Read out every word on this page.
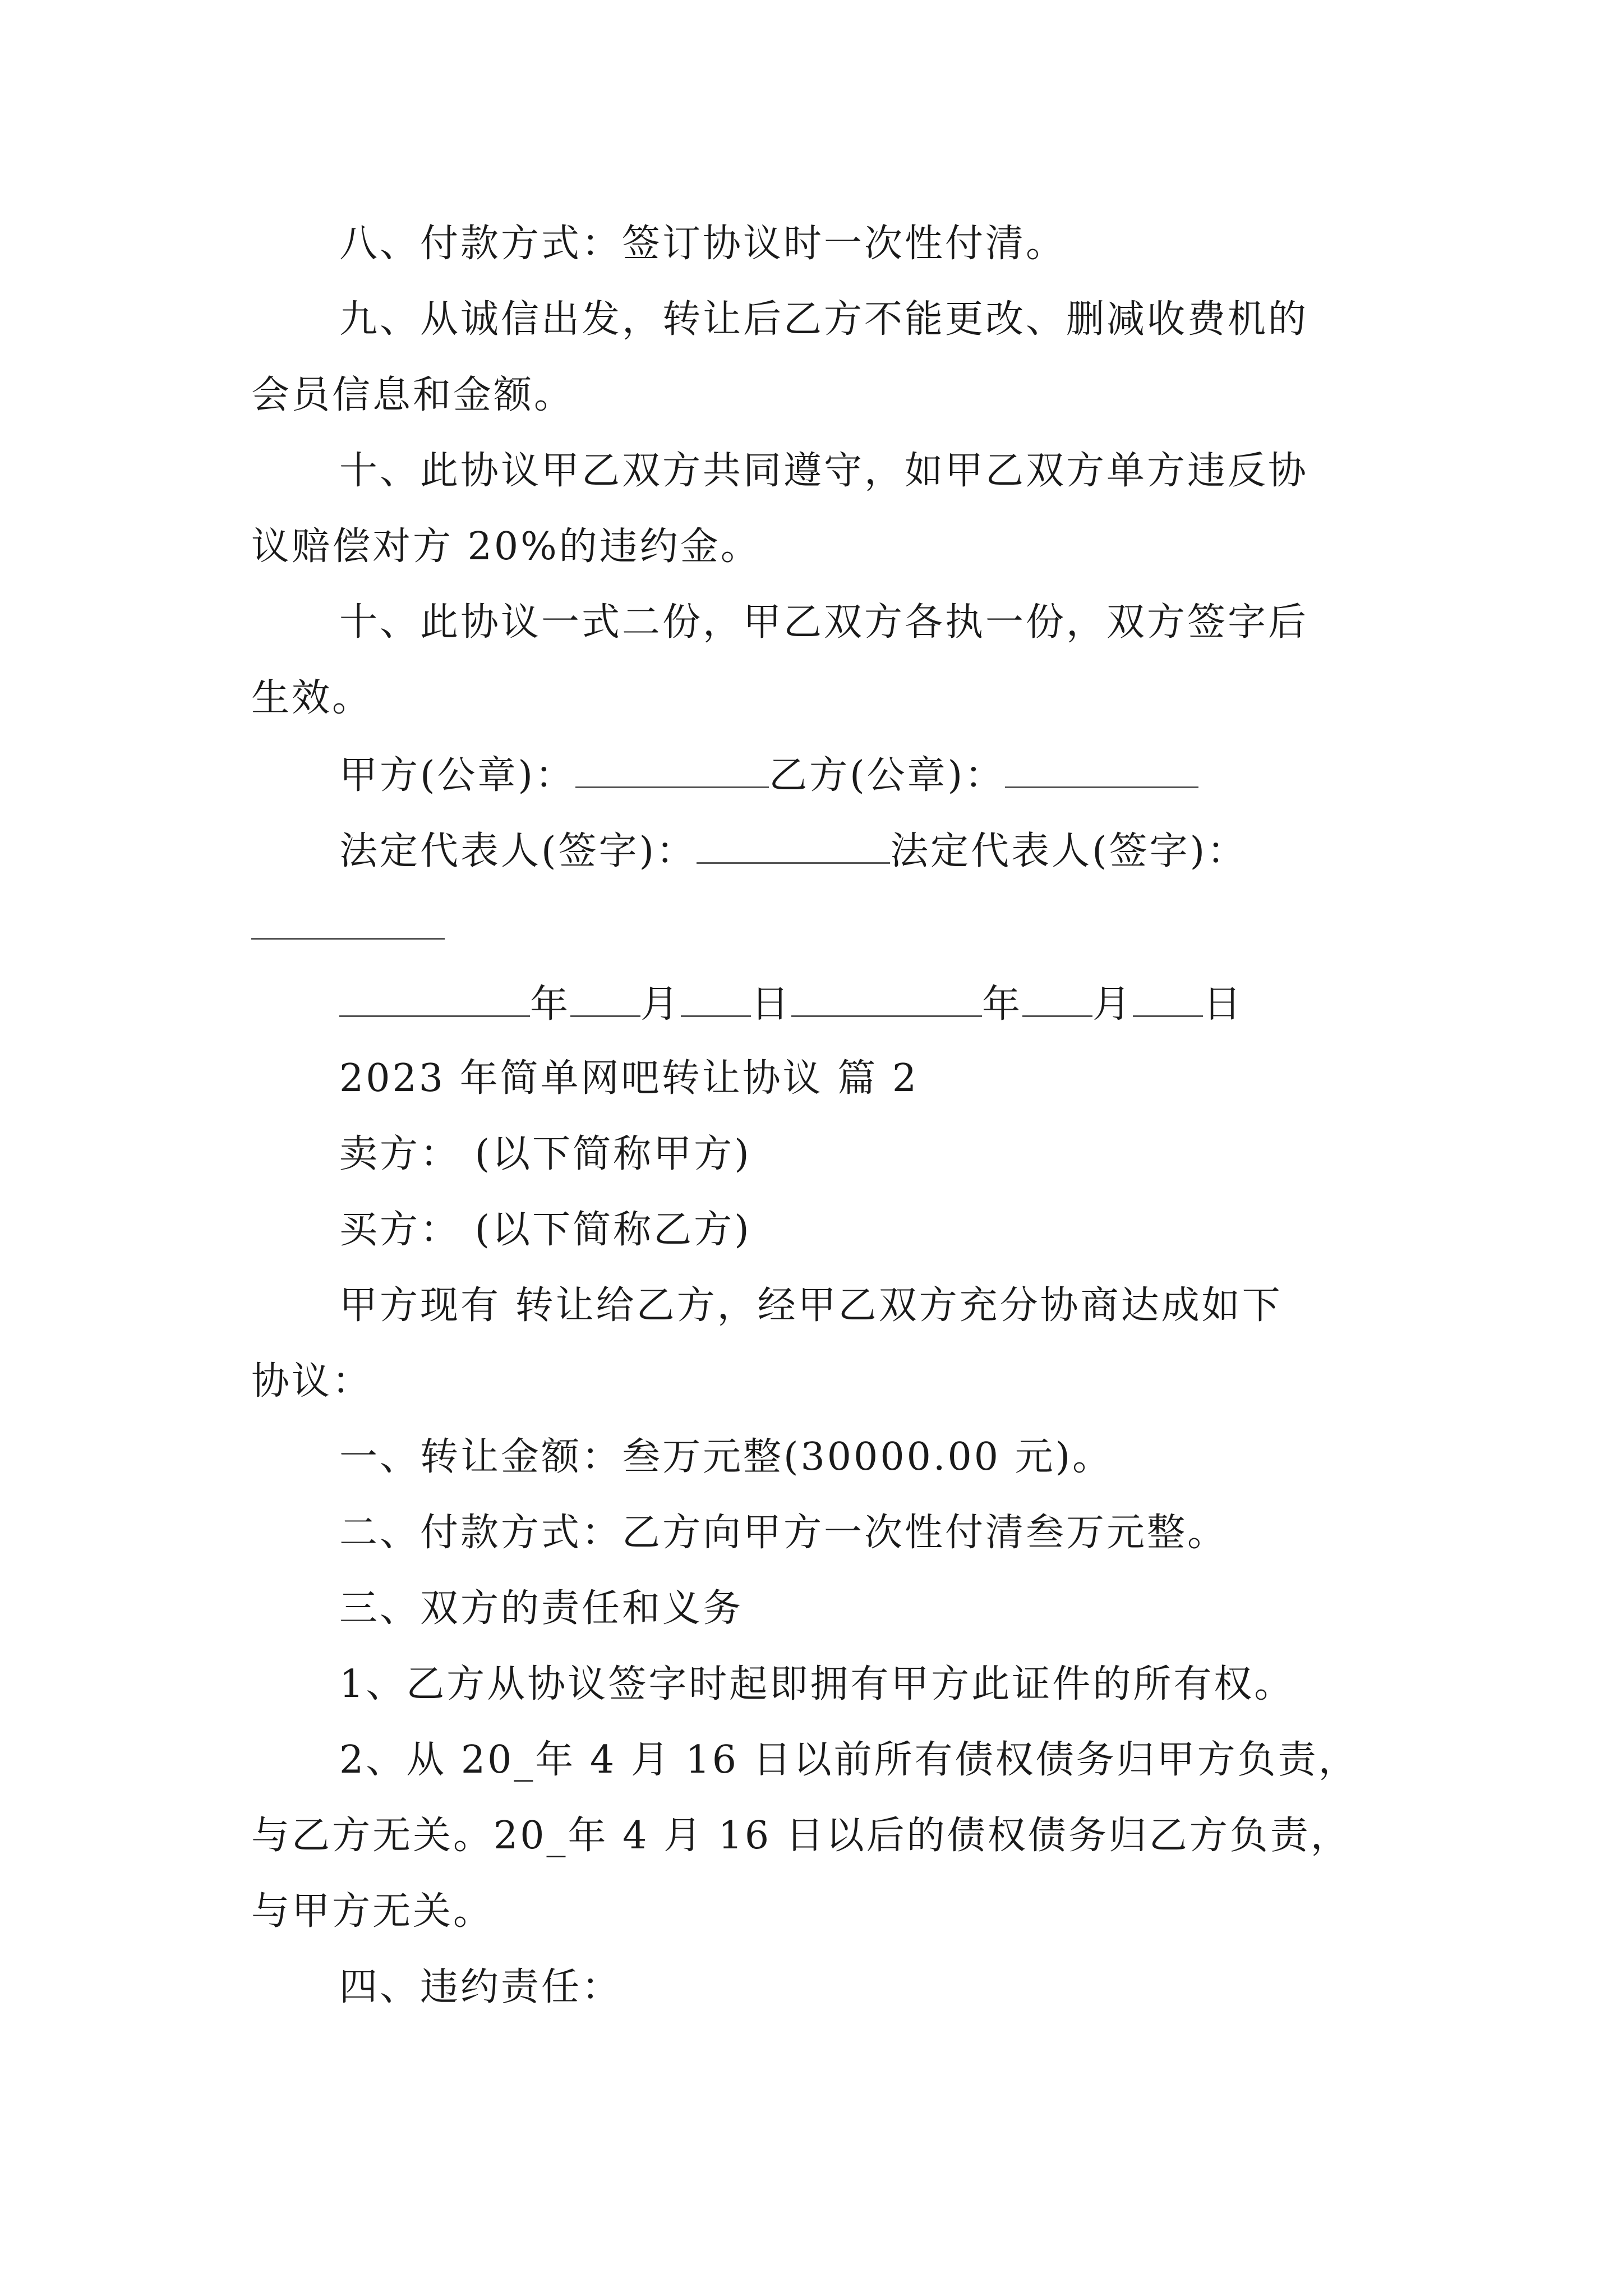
八、付款方式：签订协议时一次性付清。
九、从诚信出发，转让后乙方不能更改、删减收费机的
会员信息和金额。
十、此协议甲乙双方共同遵守，如甲乙双方单方违反协
议赔偿对方 20%的违约金。
十、此协议一式二份，甲乙双方各执一份，双方签字后
生效。
甲方(公章)：	乙方(公章)：
法定代表人(签字)：	法定代表人(签字)：
年 月 日	年 月 日
2023 年简单网吧转让协议 篇 2
卖方： (以下简称甲方)
买方： (以下简称乙方)
甲方现有 转让给乙方，经甲乙双方充分协商达成如下
协议：
一、转让金额：叁万元整(30000.00 元)。
二、付款方式：乙方向甲方一次性付清叁万元整。
三、双方的责任和义务
1、乙方从协议签字时起即拥有甲方此证件的所有权。
2、从 20_年 4 月 16 日以前所有债权债务归甲方负责，
与乙方无关。20_年 4 月 16 日以后的债权债务归乙方负责，
与甲方无关。
四、违约责任：
